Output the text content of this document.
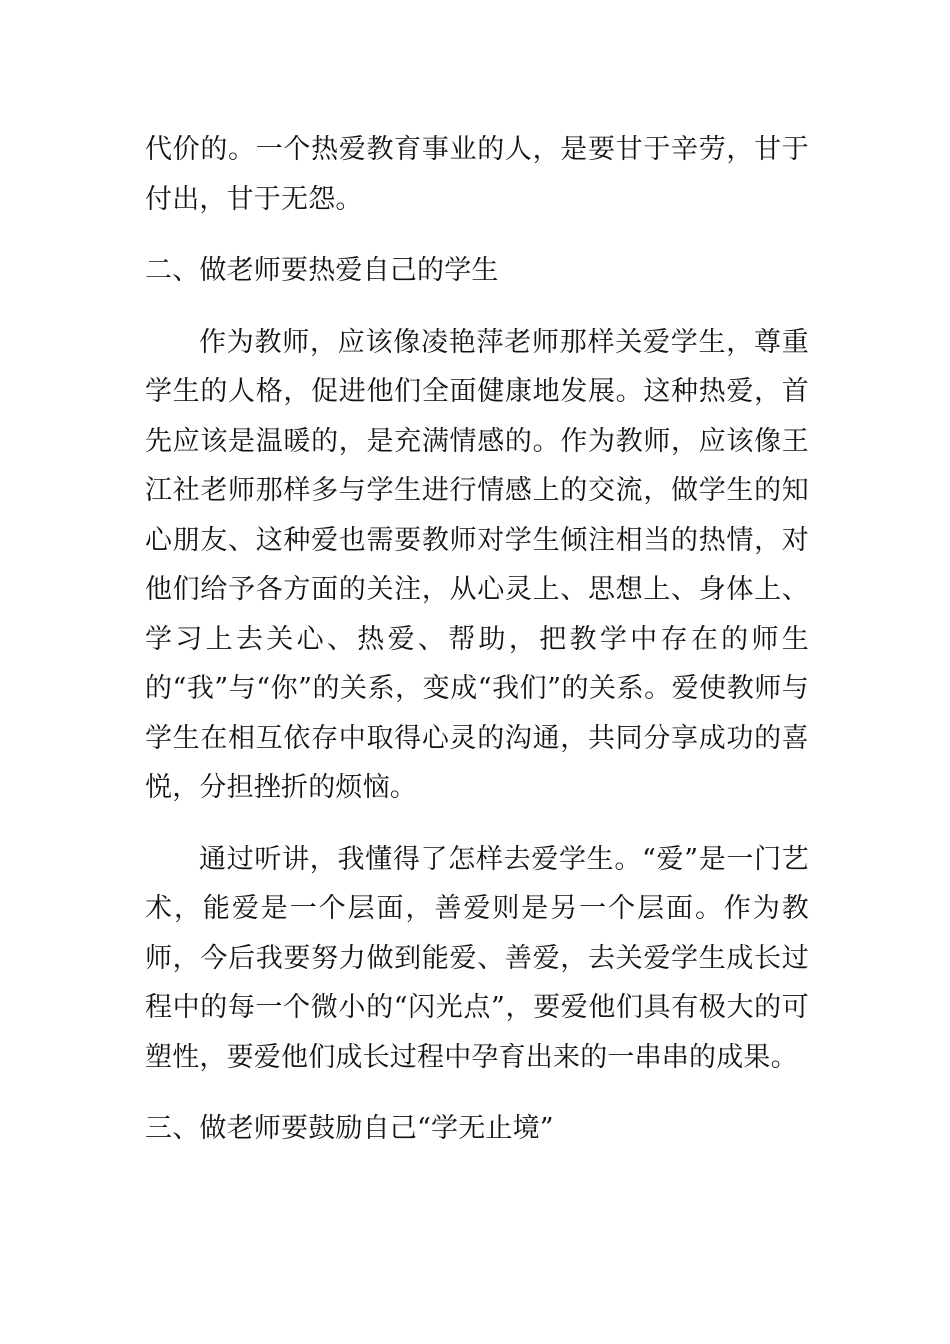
代价的。一个热爱教育事业的人，是要甘于辛劳，甘于付出，甘于无怨。

二、做老师要热爱自己的学生

作为教师，应该像凌艳萍老师那样关爱学生，尊重学生的人格，促进他们全面健康地发展。这种热爱，首先应该是温暖的，是充满情感的。作为教师，应该像王江社老师那样多与学生进行情感上的交流，做学生的知心朋友、这种爱也需要教师对学生倾注相当的热情，对他们给予各方面的关注，从心灵上、思想上、身体上、学习上去关心、热爱、帮助，把教学中存在的师生的“我”与“你”的关系，变成“我们”的关系。爱使教师与学生在相互依存中取得心灵的沟通，共同分享成功的喜悦，分担挫折的烦恼。

通过听讲，我懂得了怎样去爱学生。“爱”是一门艺术，能爱是一个层面，善爱则是另一个层面。作为教师，今后我要努力做到能爱、善爱，去关爱学生成长过程中的每一个微小的“闪光点”，要爱他们具有极大的可塑性，要爱他们成长过程中孕育出来的一串串的成果。

三、做老师要鼓励自己“学无止境”
